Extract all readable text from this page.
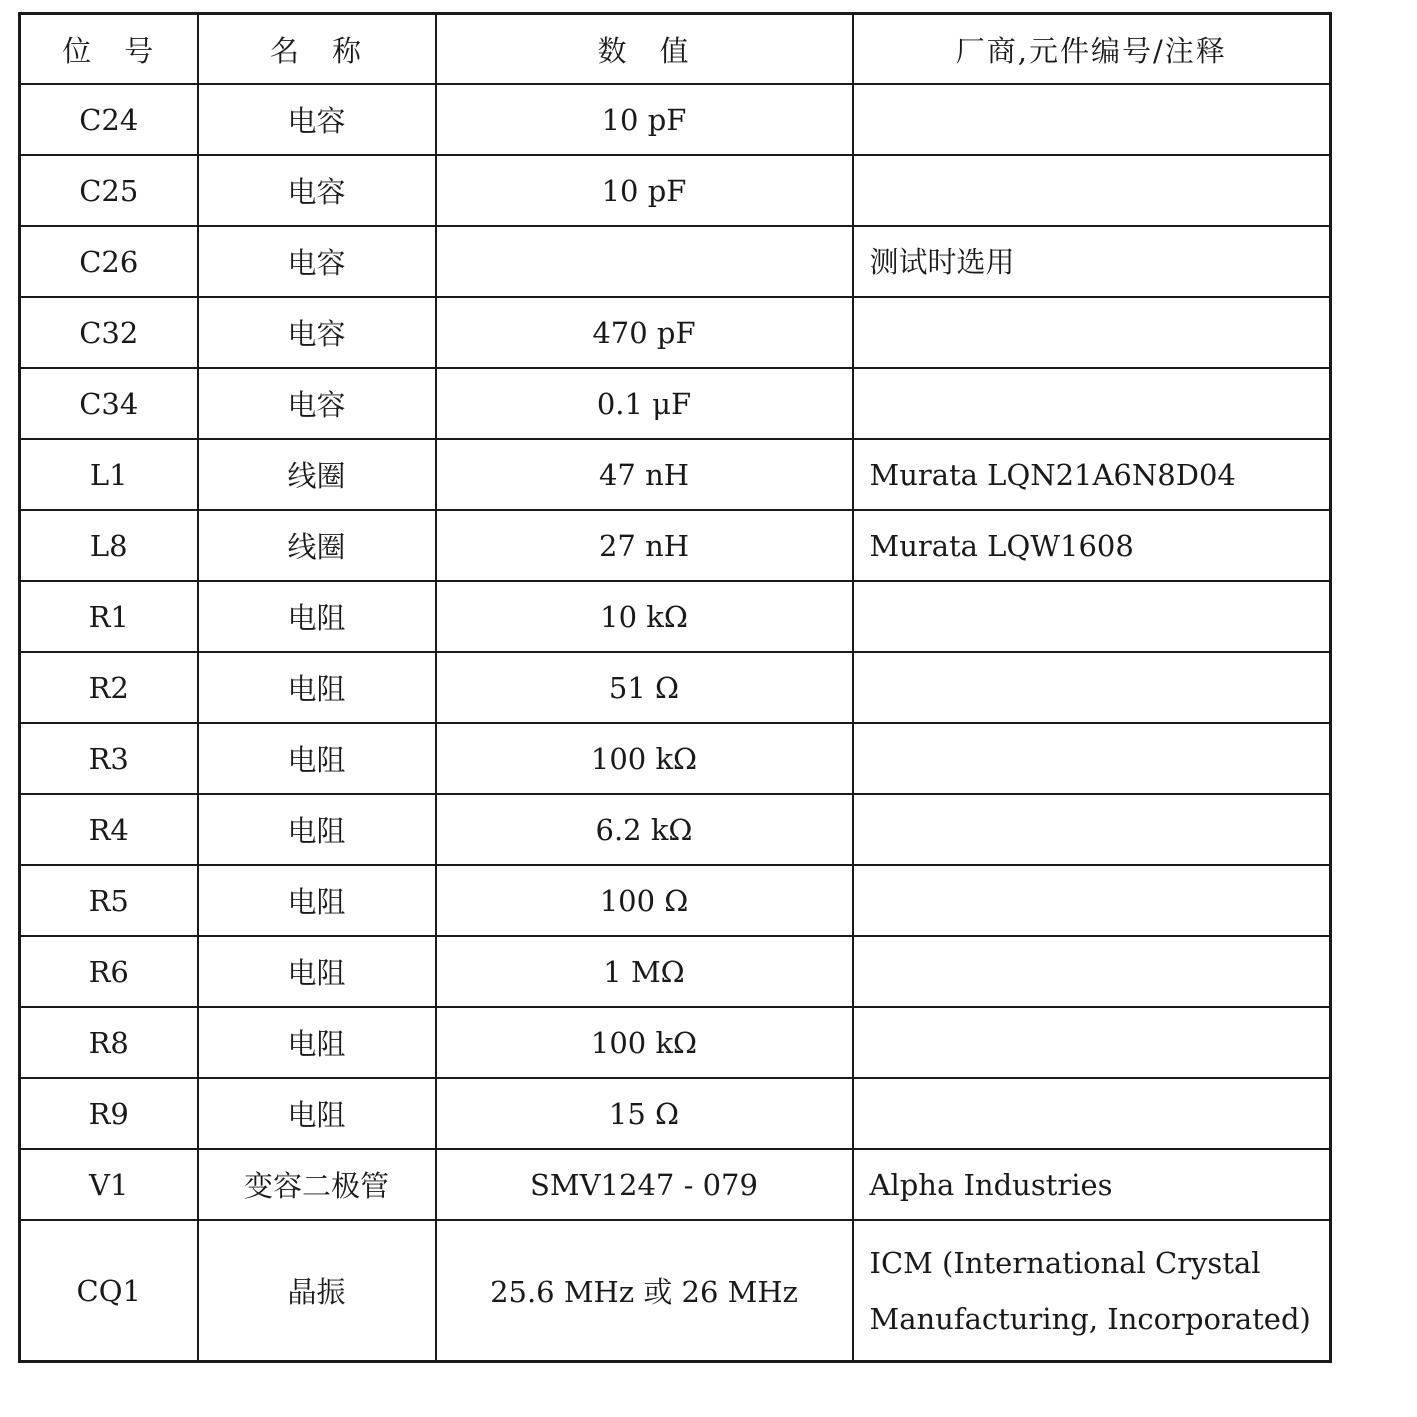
位　号	名　称	数　值	厂商,元件编号/注释
C24	电容	10 pF	
C25	电容	10 pF	
C26	电容		测试时选用
C32	电容	470 pF	
C34	电容	0.1 μF	
L1	线圈	47 nH	Murata LQN21A6N8D04
L8	线圈	27 nH	Murata LQW1608
R1	电阻	10 kΩ	
R2	电阻	51 Ω	
R3	电阻	100 kΩ	
R4	电阻	6.2 kΩ	
R5	电阻	100 Ω	
R6	电阻	1 MΩ	
R8	电阻	100 kΩ	
R9	电阻	15 Ω	
V1	变容二极管	SMV1247 - 079	Alpha Industries
CQ1	晶振	25.6 MHz 或 26 MHz	ICM (International Crystal
Manufacturing, Incorporated)
